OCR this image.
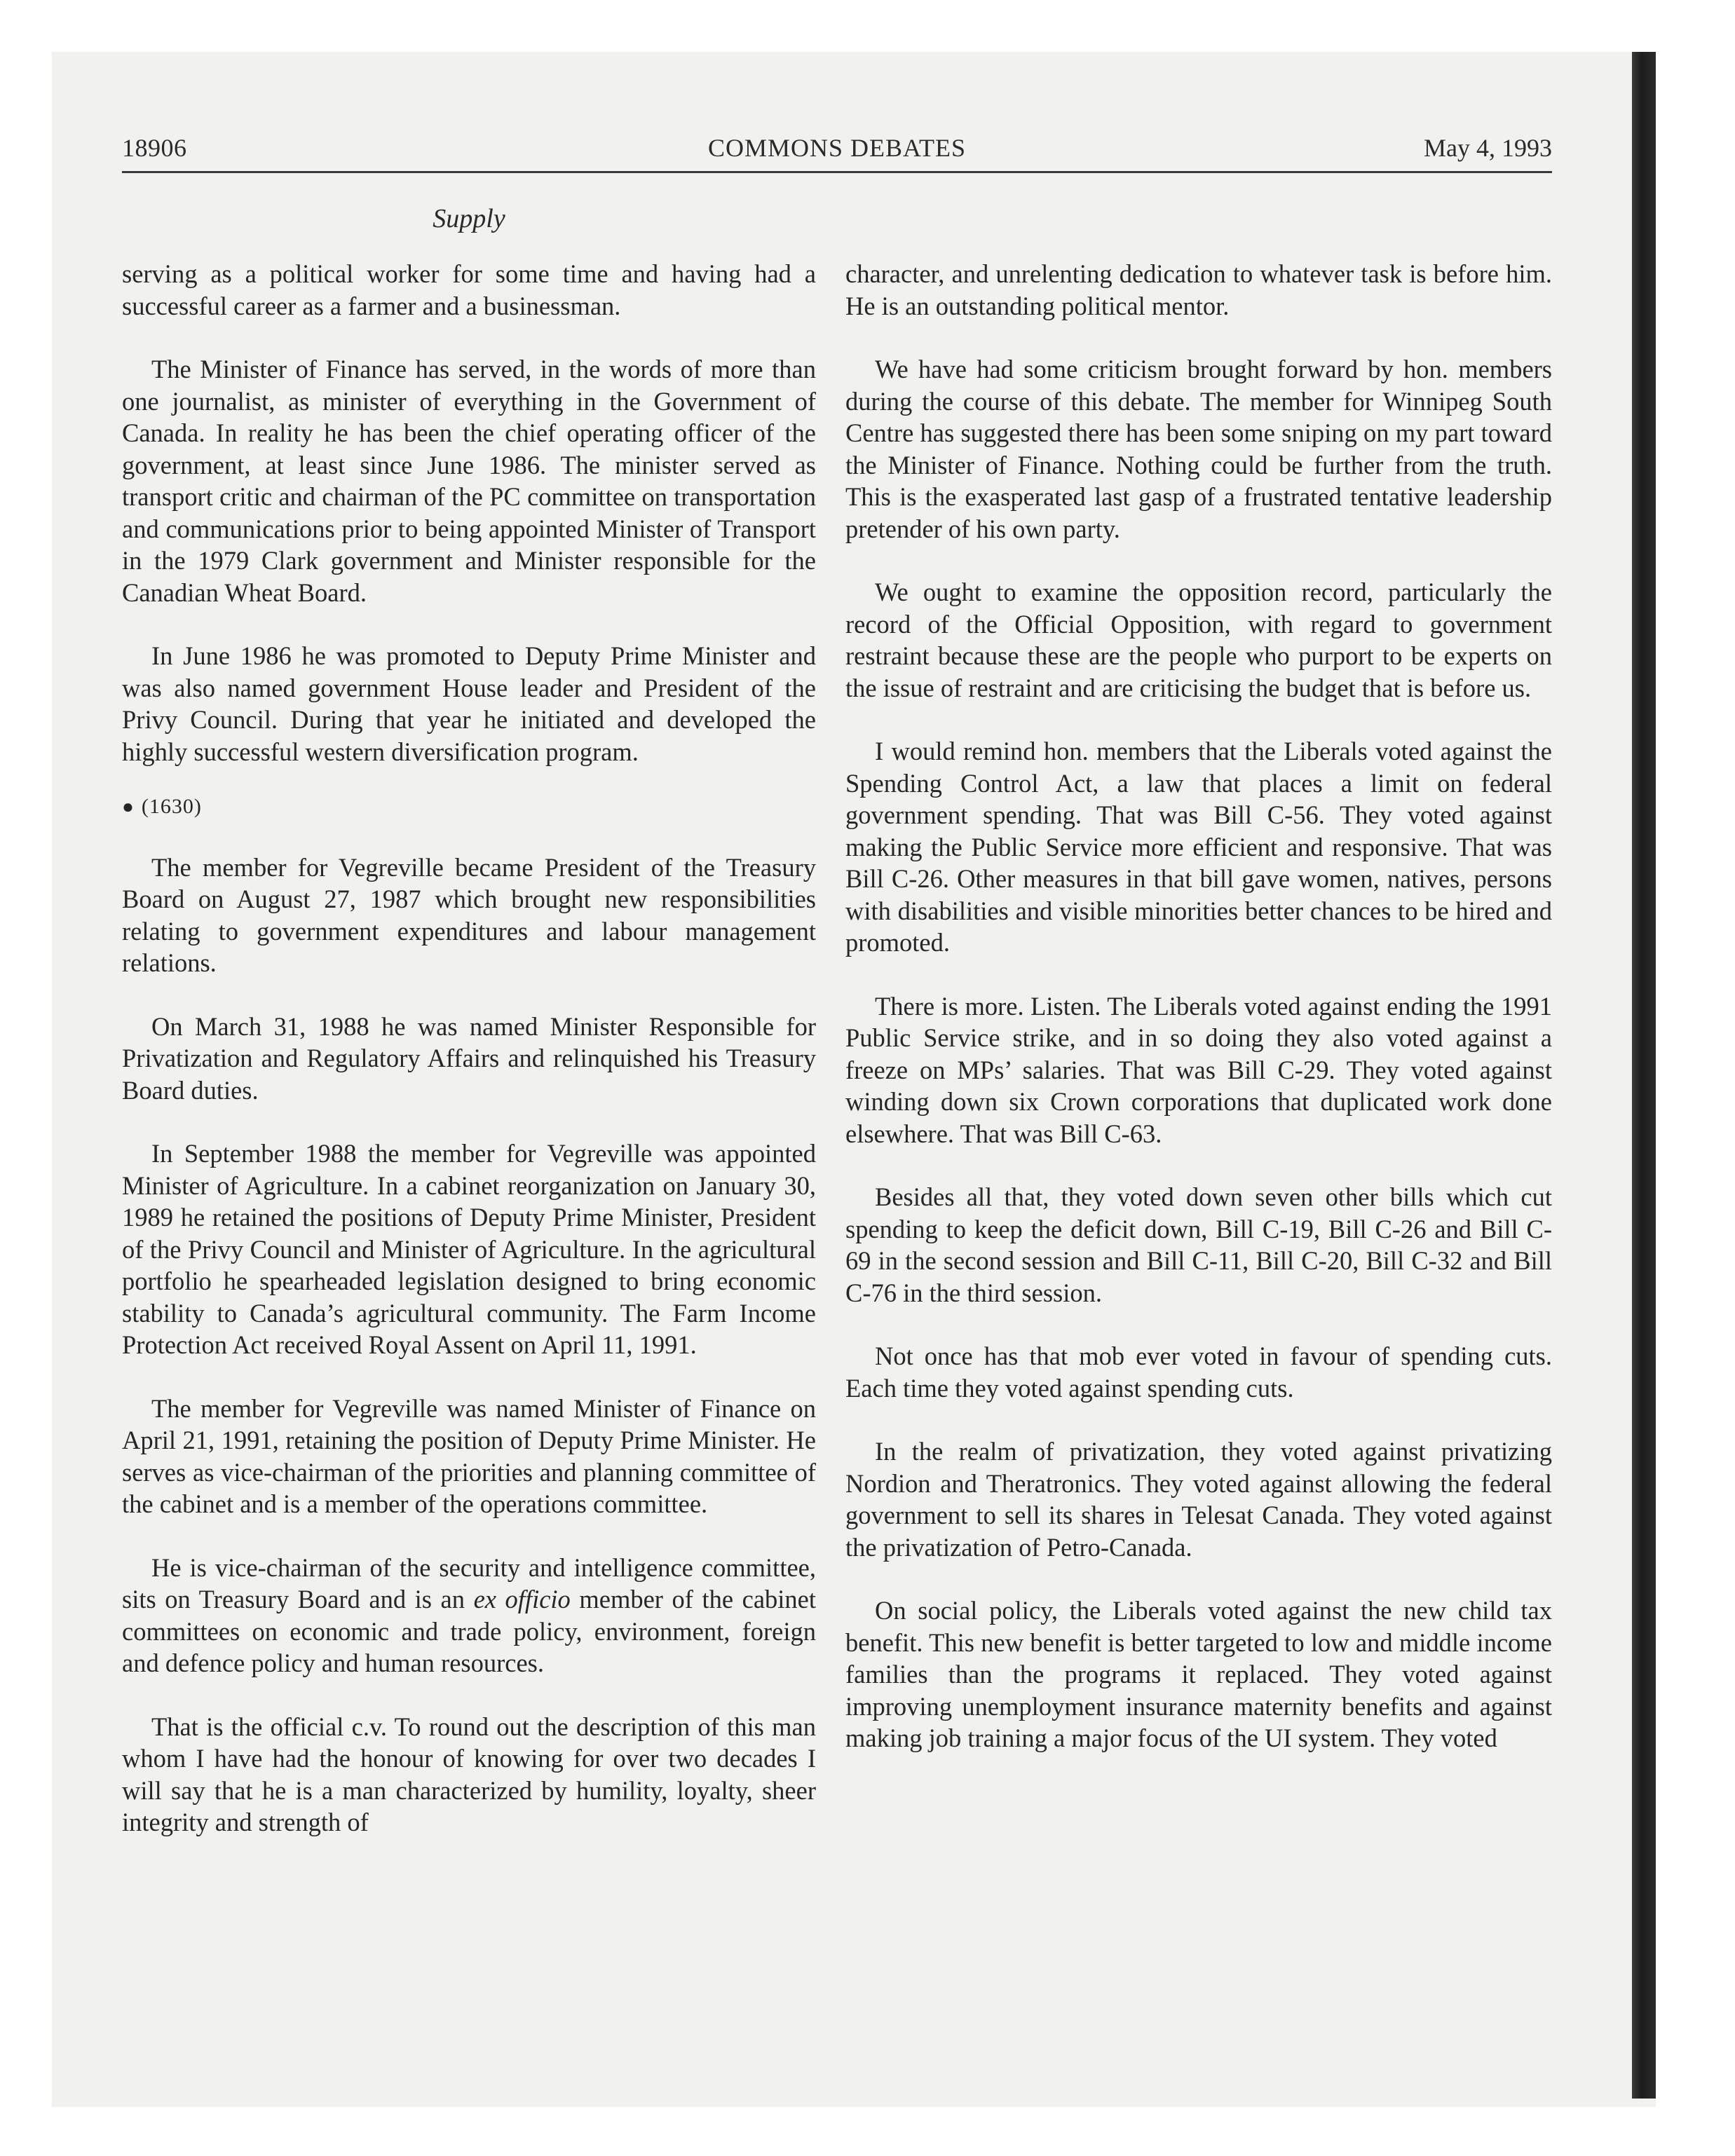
18906	COMMONS DEBATES	May 4, 1993
Supply

serving as a political worker for some time and having had a successful career as a farmer and a businessman.

The Minister of Finance has served, in the words of more than one journalist, as minister of everything in the Government of Canada. In reality he has been the chief operating officer of the government, at least since June 1986. The minister served as transport critic and chairman of the PC committee on transportation and communications prior to being appointed Minister of Transport in the 1979 Clark government and Minister responsible for the Canadian Wheat Board.

In June 1986 he was promoted to Deputy Prime Minister and was also named government House leader and President of the Privy Council. During that year he initiated and developed the highly successful western diversification program.

● (1630)

The member for Vegreville became President of the Treasury Board on August 27, 1987 which brought new responsibilities relating to government expenditures and labour management relations.

On March 31, 1988 he was named Minister Responsible for Privatization and Regulatory Affairs and relinquished his Treasury Board duties.

In September 1988 the member for Vegreville was appointed Minister of Agriculture. In a cabinet reorganization on January 30, 1989 he retained the positions of Deputy Prime Minister, President of the Privy Council and Minister of Agriculture. In the agricultural portfolio he spearheaded legislation designed to bring economic stability to Canada’s agricultural community. The Farm Income Protection Act received Royal Assent on April 11, 1991.

The member for Vegreville was named Minister of Finance on April 21, 1991, retaining the position of Deputy Prime Minister. He serves as vice-chairman of the priorities and planning committee of the cabinet and is a member of the operations committee.

He is vice-chairman of the security and intelligence committee, sits on Treasury Board and is an ex officio member of the cabinet committees on economic and trade policy, environment, foreign and defence policy and human resources.

That is the official c.v. To round out the description of this man whom I have had the honour of knowing for over two decades I will say that he is a man characterized by humility, loyalty, sheer integrity and strength of

character, and unrelenting dedication to whatever task is before him. He is an outstanding political mentor.

We have had some criticism brought forward by hon. members during the course of this debate. The member for Winnipeg South Centre has suggested there has been some sniping on my part toward the Minister of Finance. Nothing could be further from the truth. This is the exasperated last gasp of a frustrated tentative leadership pretender of his own party.

We ought to examine the opposition record, particularly the record of the Official Opposition, with regard to government restraint because these are the people who purport to be experts on the issue of restraint and are criticising the budget that is before us.

I would remind hon. members that the Liberals voted against the Spending Control Act, a law that places a limit on federal government spending. That was Bill C-56. They voted against making the Public Service more efficient and responsive. That was Bill C-26. Other measures in that bill gave women, natives, persons with disabilities and visible minorities better chances to be hired and promoted.

There is more. Listen. The Liberals voted against ending the 1991 Public Service strike, and in so doing they also voted against a freeze on MPs’ salaries. That was Bill C-29. They voted against winding down six Crown corporations that duplicated work done elsewhere. That was Bill C-63.

Besides all that, they voted down seven other bills which cut spending to keep the deficit down, Bill C-19, Bill C-26 and Bill C-69 in the second session and Bill C-11, Bill C-20, Bill C-32 and Bill C-76 in the third session.

Not once has that mob ever voted in favour of spending cuts. Each time they voted against spending cuts.

In the realm of privatization, they voted against privatizing Nordion and Theratronics. They voted against allowing the federal government to sell its shares in Telesat Canada. They voted against the privatization of Petro-Canada.

On social policy, the Liberals voted against the new child tax benefit. This new benefit is better targeted to low and middle income families than the programs it replaced. They voted against improving unemployment insurance maternity benefits and against making job training a major focus of the UI system. They voted
